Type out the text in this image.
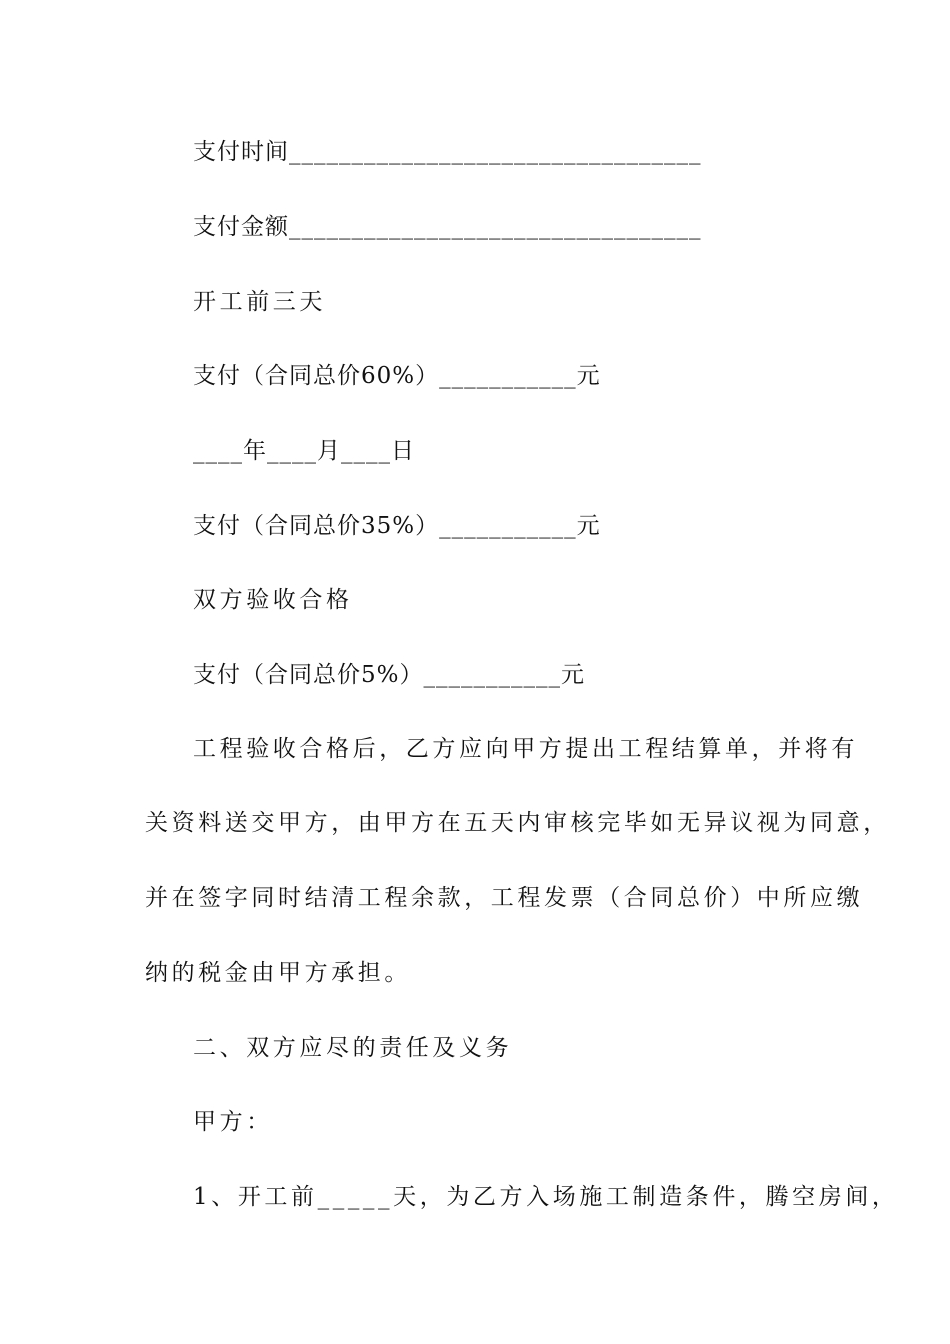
支付时间_________________________________
支付金额_________________________________
开工前三天
支付（合同总价60%）___________元
____年____月____日
支付（合同总价35%）___________元
双方验收合格
支付（合同总价5%）___________元
工程验收合格后，乙方应向甲方提出工程结算单，并将有
关资料送交甲方，由甲方在五天内审核完毕如无异议视为同意，
并在签字同时结清工程余款，工程发票（合同总价）中所应缴
纳的税金由甲方承担。
二、双方应尽的责任及义务
甲方：
1、开工前_____天，为乙方入场施工制造条件，腾空房间，
